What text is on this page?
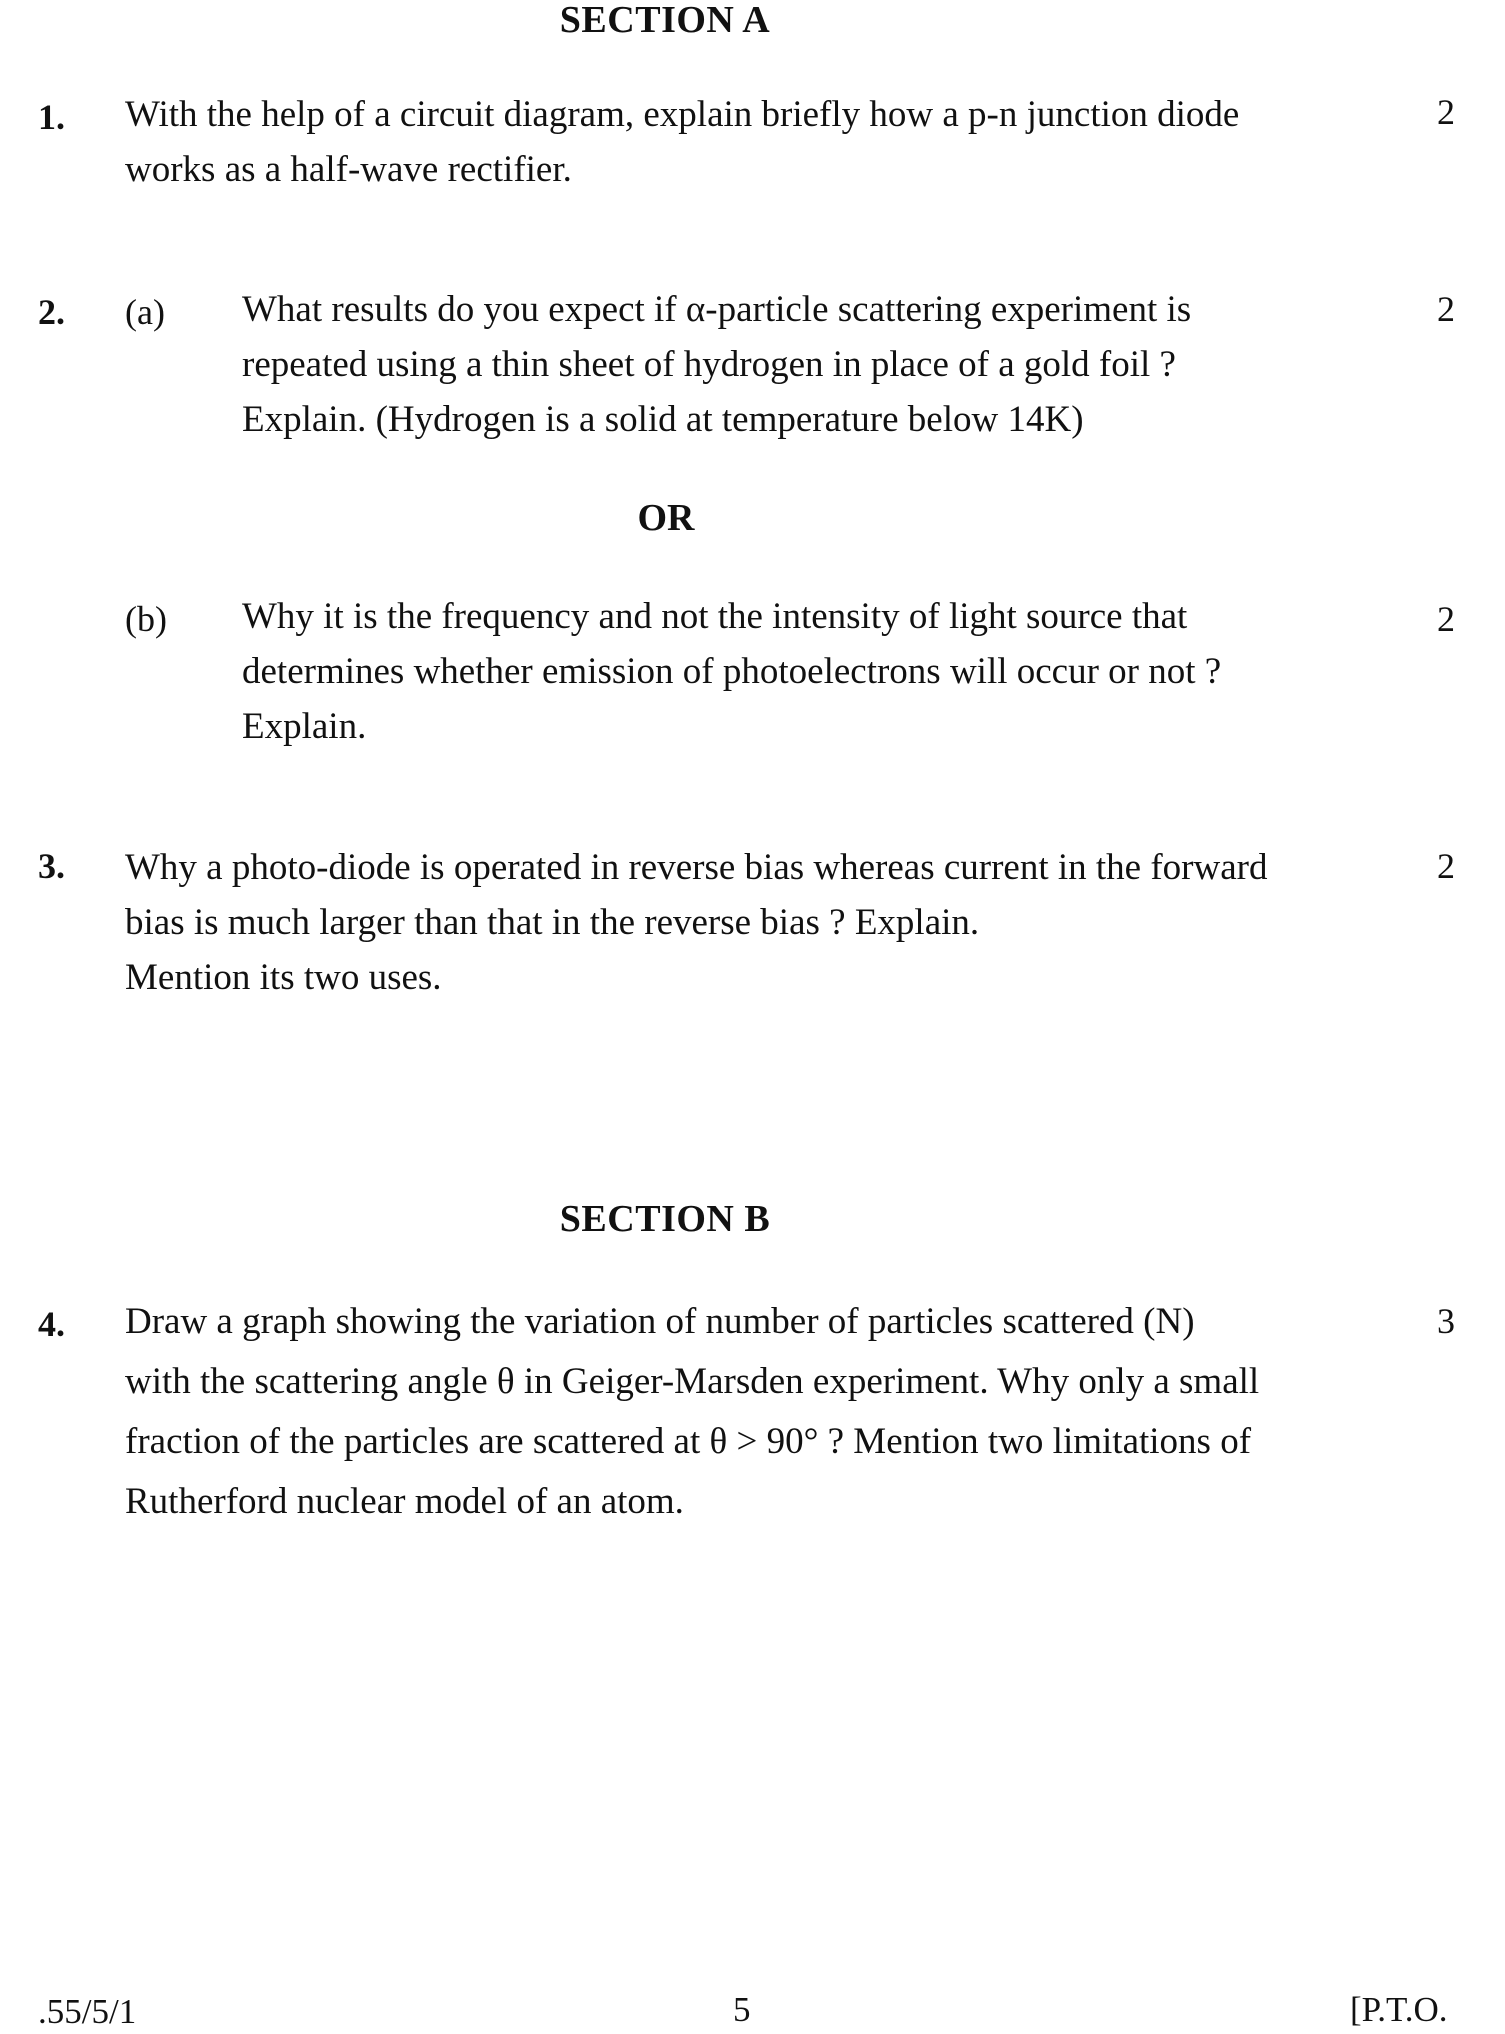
SECTION A
1. With the help of a circuit diagram, explain briefly how a p-n junction diode
works as a half-wave rectifier.
2
2. (a) What results do you expect if α-particle scattering experiment is
repeated using a thin sheet of hydrogen in place of a gold foil ?
Explain. (Hydrogen is a solid at temperature below 14K)
2
OR
(b) Why it is the frequency and not the intensity of light source that
determines whether emission of photoelectrons will occur or not ?
Explain.
2
3. Why a photo-diode is operated in reverse bias whereas current in the forward
bias is much larger than that in the reverse bias ? Explain.
Mention its two uses.
2
SECTION B
4. Draw a graph showing the variation of number of particles scattered (N)
with the scattering angle θ in Geiger-Marsden experiment. Why only a small
fraction of the particles are scattered at θ > 90° ? Mention two limitations of
Rutherford nuclear model of an atom.
3
.55/5/1	5	[P.T.O.
